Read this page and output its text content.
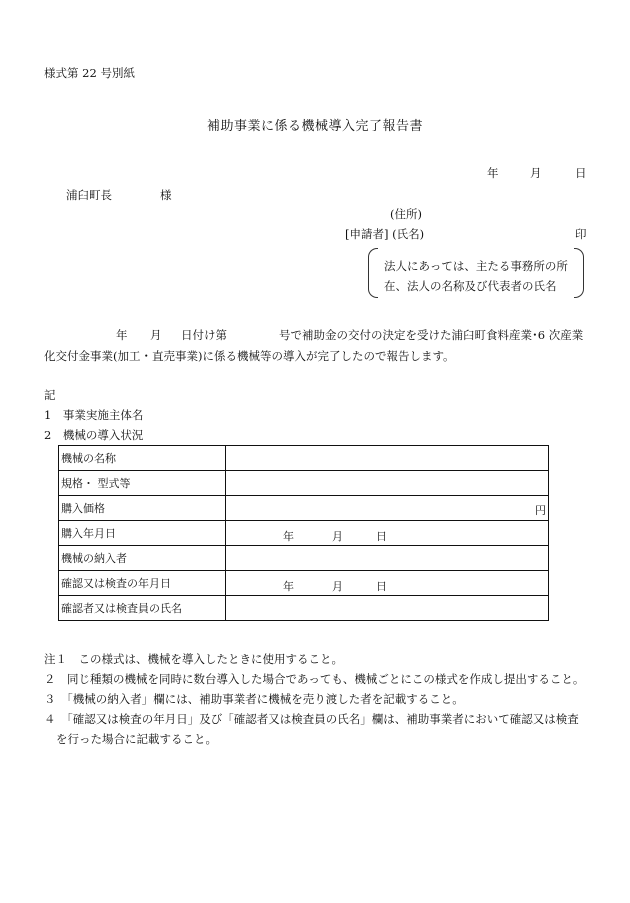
様式第 22 号別紙
補助事業に係る機械導入完了報告書
年	月	日
浦臼町長	様
(住所)
[申請者] (氏名)	印
法人にあっては、主たる事務所の所
在、法人の名称及び代表者の氏名
年 月 日付け第	号で補助金の交付の決定を受けた浦臼町食料産業･6 次産業
化交付金事業(加工・直売事業)に係る機械等の導入が完了したので報告します。
記
1　事業実施主体名
2　機械の導入状況
機械の名称	
規格・ 型式等	
購入価格	円

購入年月日	年 月 日

機械の納入者	
確認又は検査の年月日	年 月 日

確認者又は検査員の氏名	
注１　この様式は、機械を導入したときに使用すること。
２　同じ種類の機械を同時に数台導入した場合であっても、機械ごとにこの様式を作成し提出すること。
３　「機械の納入者」欄には、補助事業者に機械を売り渡した者を記載すること。
４　「確認又は検査の年月日」及び「確認者又は検査員の氏名」欄は、補助事業者において確認又は検査
を行った場合に記載すること。
